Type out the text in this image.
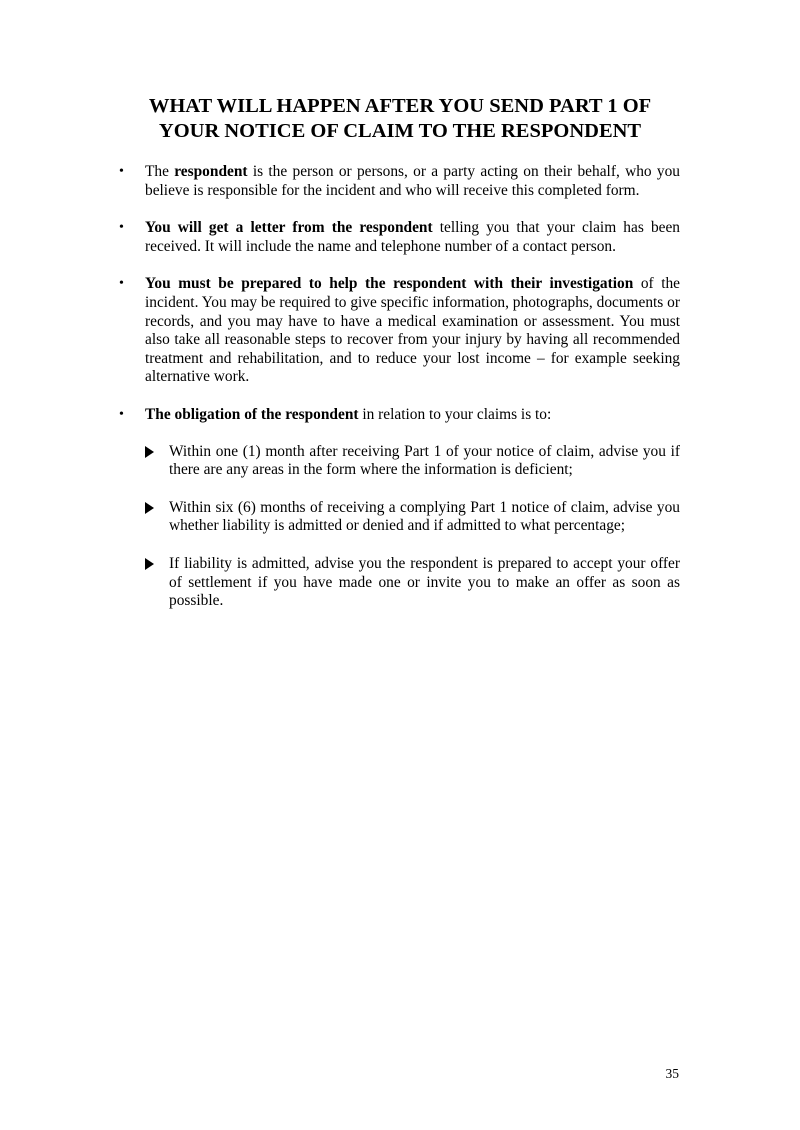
WHAT WILL HAPPEN AFTER YOU SEND PART 1 OF
YOUR NOTICE OF CLAIM TO THE RESPONDENT
• The respondent is the person or persons, or a party acting on their behalf, who you believe is responsible for the incident and who will receive this completed form.
• You will get a letter from the respondent telling you that your claim has been received. It will include the name and telephone number of a contact person.
• You must be prepared to help the respondent with their investigation of the incident. You may be required to give specific information, photographs, documents or records, and you may have to have a medical examination or assessment. You must also take all reasonable steps to recover from your injury by having all recommended treatment and rehabilitation, and to reduce your lost income – for example seeking alternative work.
• The obligation of the respondent in relation to your claims is to:
Within one (1) month after receiving Part 1 of your notice of claim, advise you if there are any areas in the form where the information is deficient;
Within six (6) months of receiving a complying Part 1 notice of claim, advise you whether liability is admitted or denied and if admitted to what percentage;
If liability is admitted, advise you the respondent is prepared to accept your offer of settlement if you have made one or invite you to make an offer as soon as possible.
35
